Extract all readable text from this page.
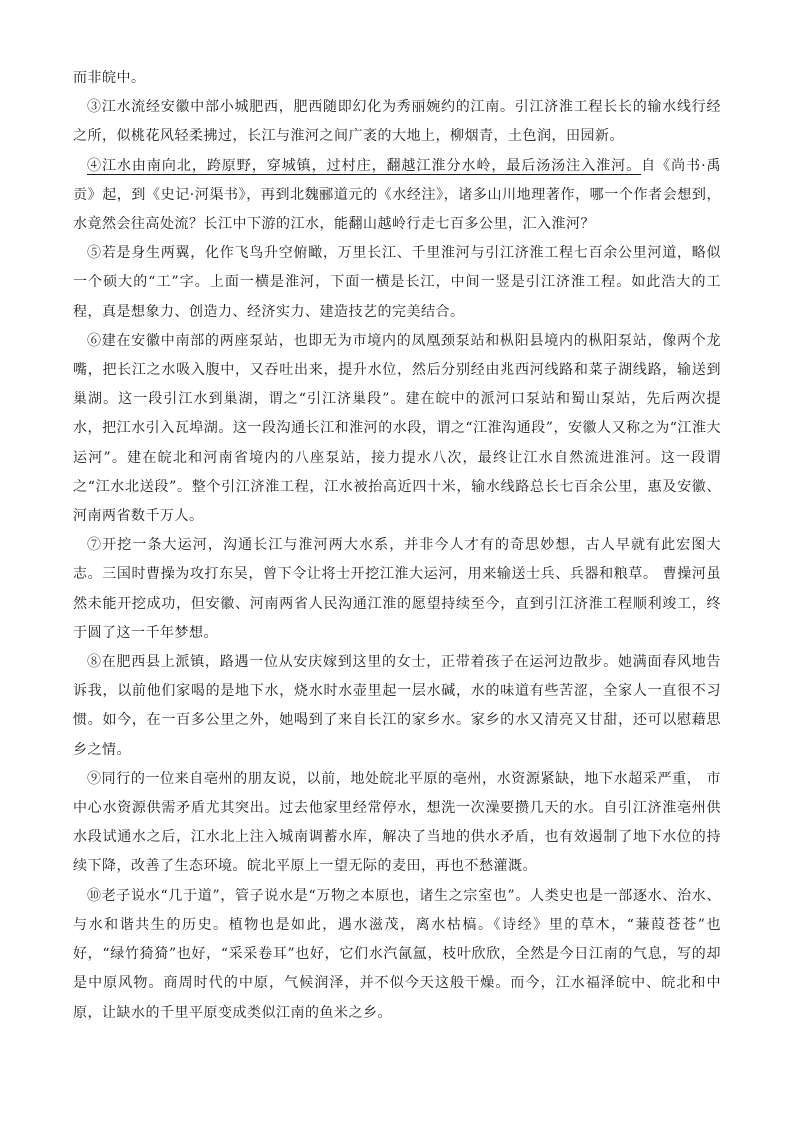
而非皖中。

③江水流经安徽中部小城肥西，肥西随即幻化为秀丽婉约的江南。引江济淮工程长长的输水线行经之所，似桃花风轻柔拂过，长江与淮河之间广袤的大地上，柳烟青，土色润，田园新。

④江水由南向北，跨原野，穿城镇，过村庄，翻越江淮分水岭，最后汤汤注入淮河。自《尚书·禹贡》起，到《史记·河渠书》，再到北魏郦道元的《水经注》，诸多山川地理著作，哪一个作者会想到，水竟然会往高处流？长江中下游的江水，能翻山越岭行走七百多公里，汇入淮河？

⑤若是身生两翼，化作飞鸟升空俯瞰，万里长江、千里淮河与引江济淮工程七百余公里河道，略似一个硕大的“工”字。上面一横是淮河，下面一横是长江，中间一竖是引江济淮工程。如此浩大的工程，真是想象力、创造力、经济实力、建造技艺的完美结合。

⑥建在安徽中南部的两座泵站，也即无为市境内的凤凰颈泵站和枞阳县境内的枞阳泵站，像两个龙嘴，把长江之水吸入腹中，又吞吐出来，提升水位，然后分别经由兆西河线路和菜子湖线路，输送到巢湖。这一段引江水到巢湖，谓之“引江济巢段”。建在皖中的派河口泵站和蜀山泵站，先后两次提水，把江水引入瓦埠湖。这一段沟通长江和淮河的水段，谓之“江淮沟通段”，安徽人又称之为“江淮大运河”。建在皖北和河南省境内的八座泵站，接力提水八次，最终让江水自然流进淮河。这一段谓之“江水北送段”。整个引江济淮工程，江水被抬高近四十米，输水线路总长七百余公里，惠及安徽、河南两省数千万人。

⑦开挖一条大运河，沟通长江与淮河两大水系，并非今人才有的奇思妙想，古人早就有此宏图大志。三国时曹操为攻打东吴，曾下令让将士开挖江淮大运河，用来输送士兵、兵器和粮草。 曹操河虽然未能开挖成功，但安徽、河南两省人民沟通江淮的愿望持续至今，直到引江济淮工程顺利竣工，终于圆了这一千年梦想。

⑧在肥西县上派镇，路遇一位从安庆嫁到这里的女士，正带着孩子在运河边散步。她满面春风地告诉我，以前他们家喝的是地下水，烧水时水壶里起一层水碱，水的味道有些苦涩，全家人一直很不习惯。如今，在一百多公里之外，她喝到了来自长江的家乡水。家乡的水又清亮又甘甜，还可以慰藉思乡之情。

⑨同行的一位来自亳州的朋友说，以前，地处皖北平原的亳州，水资源紧缺，地下水超采严重， 市中心水资源供需矛盾尤其突出。过去他家里经常停水，想洗一次澡要攒几天的水。自引江济淮亳州供水段试通水之后，江水北上注入城南调蓄水库，解决了当地的供水矛盾，也有效遏制了地下水位的持续下降，改善了生态环境。皖北平原上一望无际的麦田，再也不愁灌溉。

⑩老子说水“几于道”，管子说水是“万物之本原也，诸生之宗室也”。人类史也是一部逐水、治水、与水和谐共生的历史。植物也是如此，遇水滋茂，离水枯槁。《诗经》里的草木，“蒹葭苍苍”也好，“绿竹猗猗”也好，“采采卷耳”也好，它们水汽氤氲，枝叶欣欣，全然是今日江南的气息，写的却是中原风物。商周时代的中原，气候润泽，并不似今天这般干燥。而今，江水福泽皖中、皖北和中原，让缺水的千里平原变成类似江南的鱼米之乡。
